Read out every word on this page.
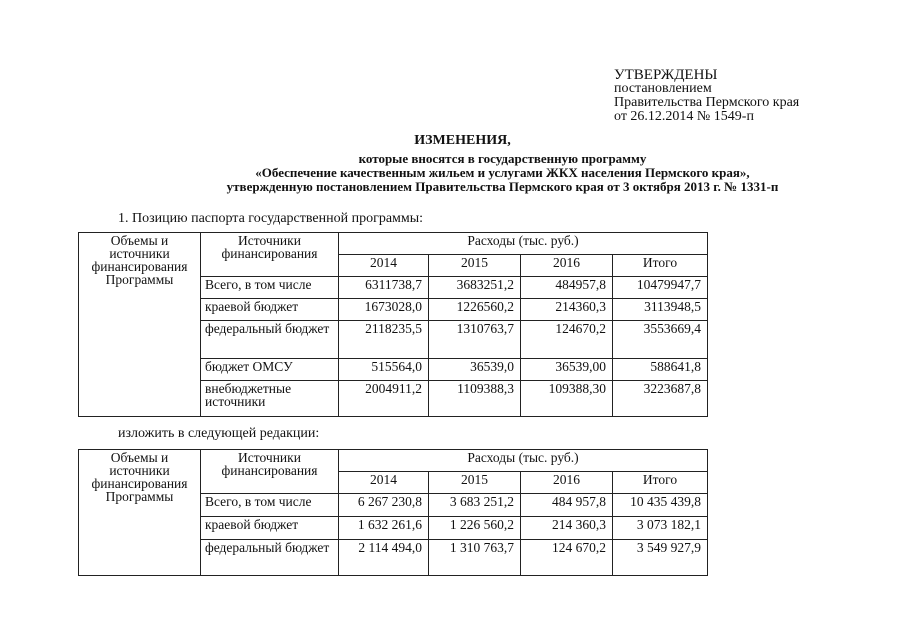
УТВЕРЖДЕНЫ
постановлением
Правительства Пермского края
от 26.12.2014 № 1549-п
ИЗМЕНЕНИЯ,
которые вносятся в государственную программу
«Обеспечение качественным жильем и услугами ЖКХ населения Пермского края»,
утвержденную постановлением Правительства Пермского края от 3 октября 2013 г. № 1331-п
1. Позицию паспорта государственной программы:
Объемы и источники финансирования Программы	Источники финансирования	Расходы (тыс. руб.)			
		2014	2015	2016	Итого
	Всего, в том числе	6311738,7	3683251,2	484957,8	10479947,7
	краевой бюджет	1673028,0	1226560,2	214360,3	3113948,5
	федеральный бюджет	2118235,5	1310763,7	124670,2	3553669,4
	бюджет ОМСУ	515564,0	36539,0	36539,00	588641,8
	внебюджетные источники	2004911,2	1109388,3	109388,30	3223687,8
изложить в следующей редакции:
Объемы и источники финансирования Программы	Источники финансирования	Расходы (тыс. руб.)			
		2014	2015	2016	Итого
	Всего, в том числе	6 267 230,8	3 683 251,2	484 957,8	10 435 439,8
	краевой бюджет	1 632 261,6	1 226 560,2	214 360,3	3 073 182,1
	федеральный бюджет	2 114 494,0	1 310 763,7	124 670,2	3 549 927,9
